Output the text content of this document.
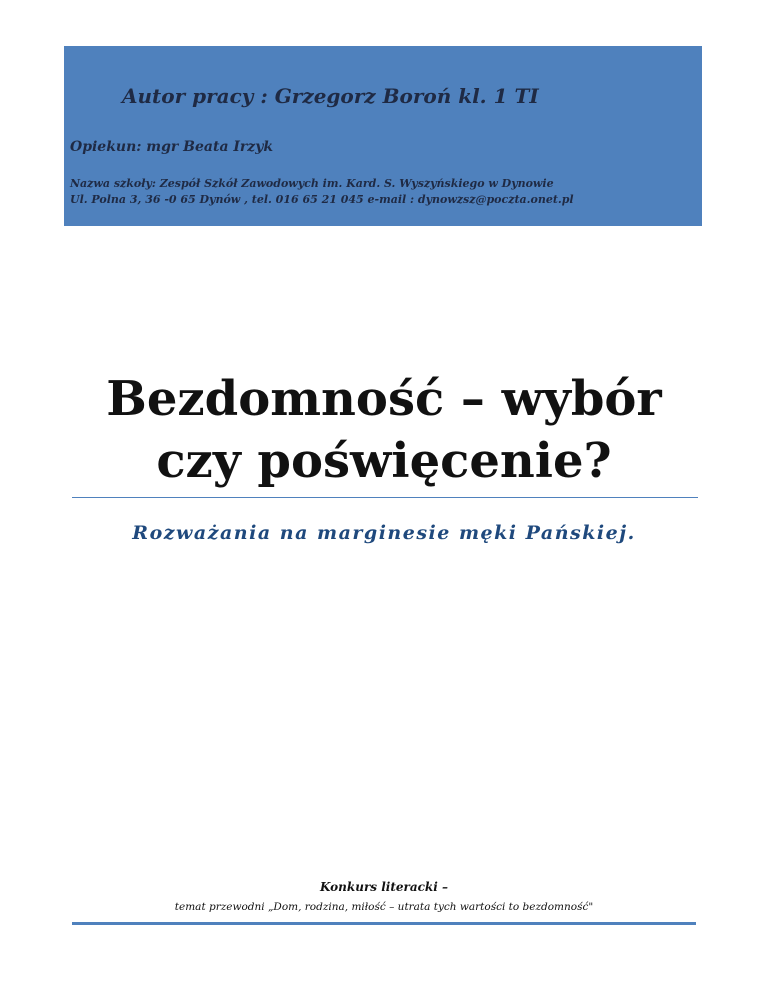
Autor pracy : Grzegorz Boroń kl. 1 TI

Opiekun: mgr Beata Irzyk

Nazwa szkoły: Zespół Szkół Zawodowych im. Kard. S. Wyszyńskiego w Dynowie
Ul. Polna 3, 36 -0 65 Dynów , tel. 016 65 21 045 e-mail : dynowzsz@poczta.onet.pl
Bezdomność – wybór
czy poświęcenie?

Rozważania na marginesie męki Pańskiej.

Konkurs literacki –

temat przewodni „Dom, rodzina, miłość – utrata tych wartości to bezdomność"
